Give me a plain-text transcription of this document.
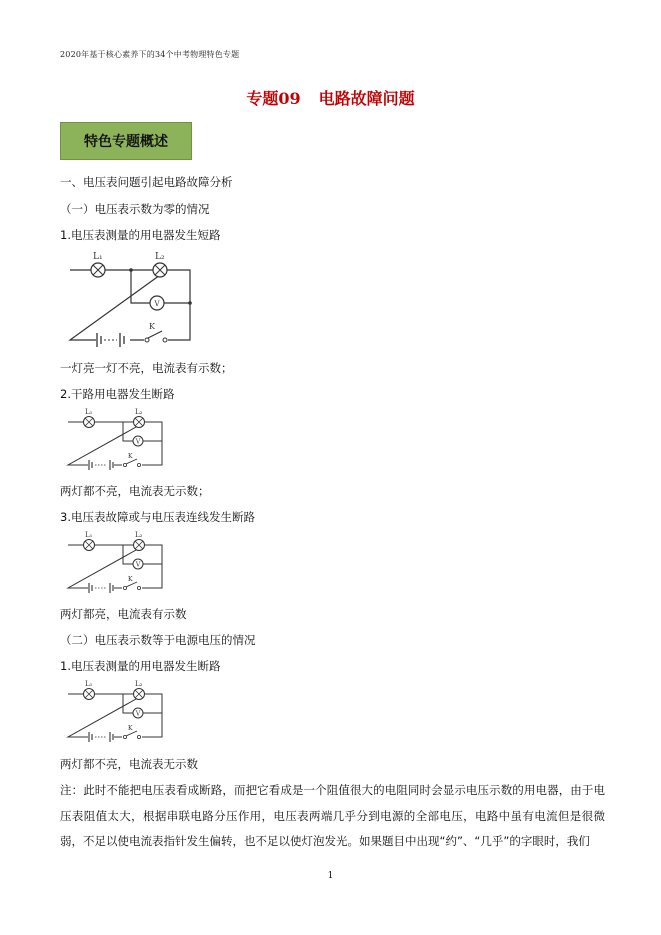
2020年基于核心素养下的34个中考物理特色专题
专题09 电路故障问题
特色专题概述
一、电压表问题引起电路故障分析
（一）电压表示数为零的情况
1.电压表测量的用电器发生短路
L₁	L₂
V
K
一灯亮一灯不亮，电流表有示数；
2.干路用电器发生断路
L₁	L₂
V
K
两灯都不亮，电流表无示数；
3.电压表故障或与电压表连线发生断路
L₁	L₂
V
K
两灯都亮，电流表有示数
（二）电压表示数等于电源电压的情况
1.电压表测量的用电器发生断路
L₁	L₂
V
K
两灯都不亮，电流表无示数
注：此时不能把电压表看成断路，而把它看成是一个阻值很大的电阻同时会显示电压示数的用电器，由于电压表阻值太大，根据串联电路分压作用，电压表两端几乎分到电源的全部电压，电路中虽有电流但是很微弱，不足以使电流表指针发生偏转，也不足以使灯泡发光。如果题目中出现“约”、“几乎”的字眼时，我们
1
